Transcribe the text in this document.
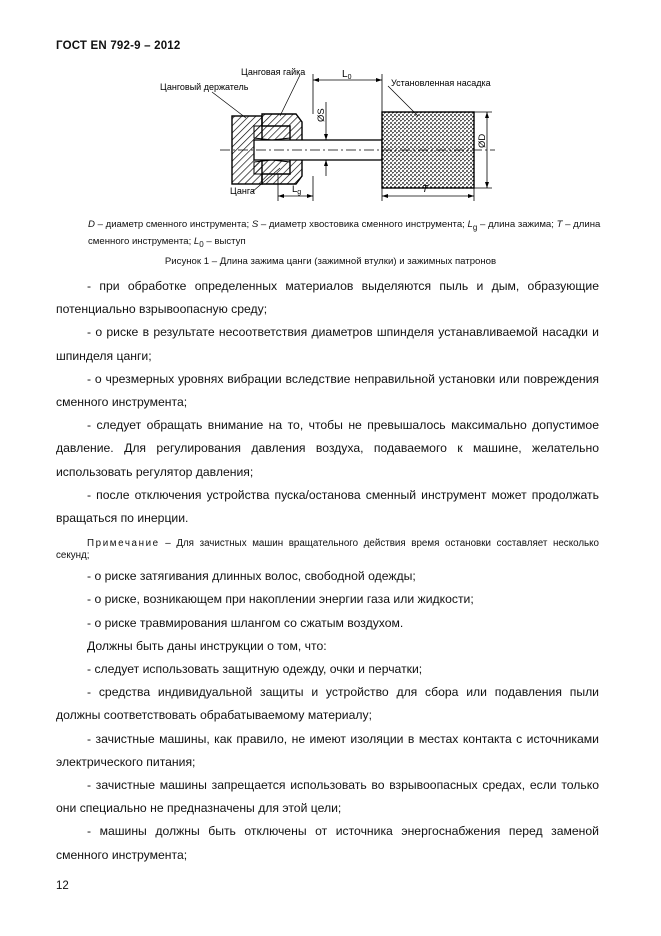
ГОСТ EN 792-9 – 2012
$L_0$
ØS
ØD
$L_g$	T
Цанговая гайка
Цанговый держатель	Установленная насадка
Цанга
D – диаметр сменного инструмента; S – диаметр хвостовика сменного инструмента; $L_g$ – длина зажима; T – длина сменного инструмента; $L_0$ – выступ
Рисунок 1 – Длина зажима цанги (зажимной втулки) и зажимных патронов

- при обработке определенных материалов выделяются пыль и дым, образующие потенциально взрывоопасную среду;

- о риске в результате несоответствия диаметров шпинделя устанавливаемой насадки и шпинделя цанги;

- о чрезмерных уровнях вибрации вследствие неправильной установки или повреждения сменного инструмента;

- следует обращать внимание на то, чтобы не превышалось максимально допустимое давление. Для регулирования давления воздуха, подаваемого к машине, желательно использовать регулятор давления;

- после отключения устройства пуска/останова сменный инструмент может продолжать вращаться по инерции.

Примечание – Для зачистных машин вращательного действия время остановки составляет несколько секунд;

- о риске затягивания длинных волос, свободной одежды;

- о риске, возникающем при накоплении энергии газа или жидкости;

- о риске травмирования шлангом со сжатым воздухом.

Должны быть даны инструкции о том, что:

- следует использовать защитную одежду, очки и перчатки;

- средства индивидуальной защиты и устройство для сбора или подавления пыли должны соответствовать обрабатываемому материалу;

- зачистные машины, как правило, не имеют изоляции в местах контакта с источниками электрического питания;

- зачистные машины запрещается использовать во взрывоопасных средах, если только они специально не предназначены для этой цели;

- машины должны быть отключены от источника энергоснабжения перед заменой сменного инструмента;

12
